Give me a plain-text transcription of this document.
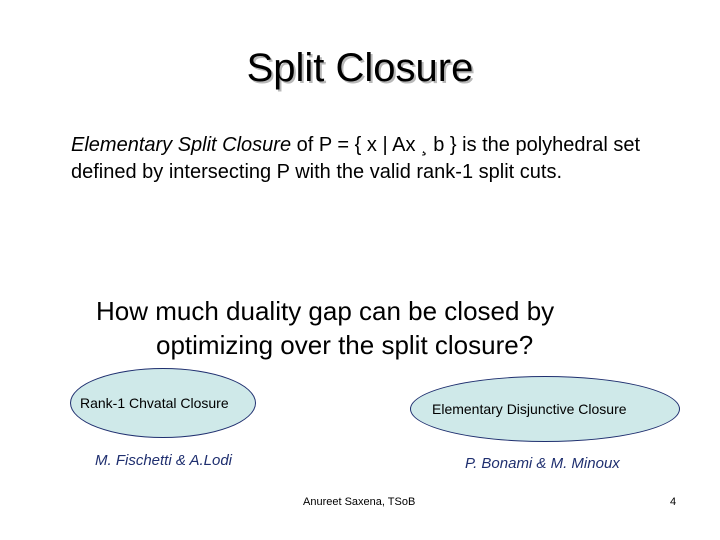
Split Closure
Elementary Split Closure of P = { x | Ax ¸ b } is the polyhedral set defined by intersecting P with the valid rank-1 split cuts.
How much duality gap can be closed by
optimizing over the split closure?
Rank-1 Chvatal Closure	Elementary Disjunctive Closure
M. Fischetti & A.Lodi	P. Bonami & M. Minoux
Anureet Saxena, TSoB	4
